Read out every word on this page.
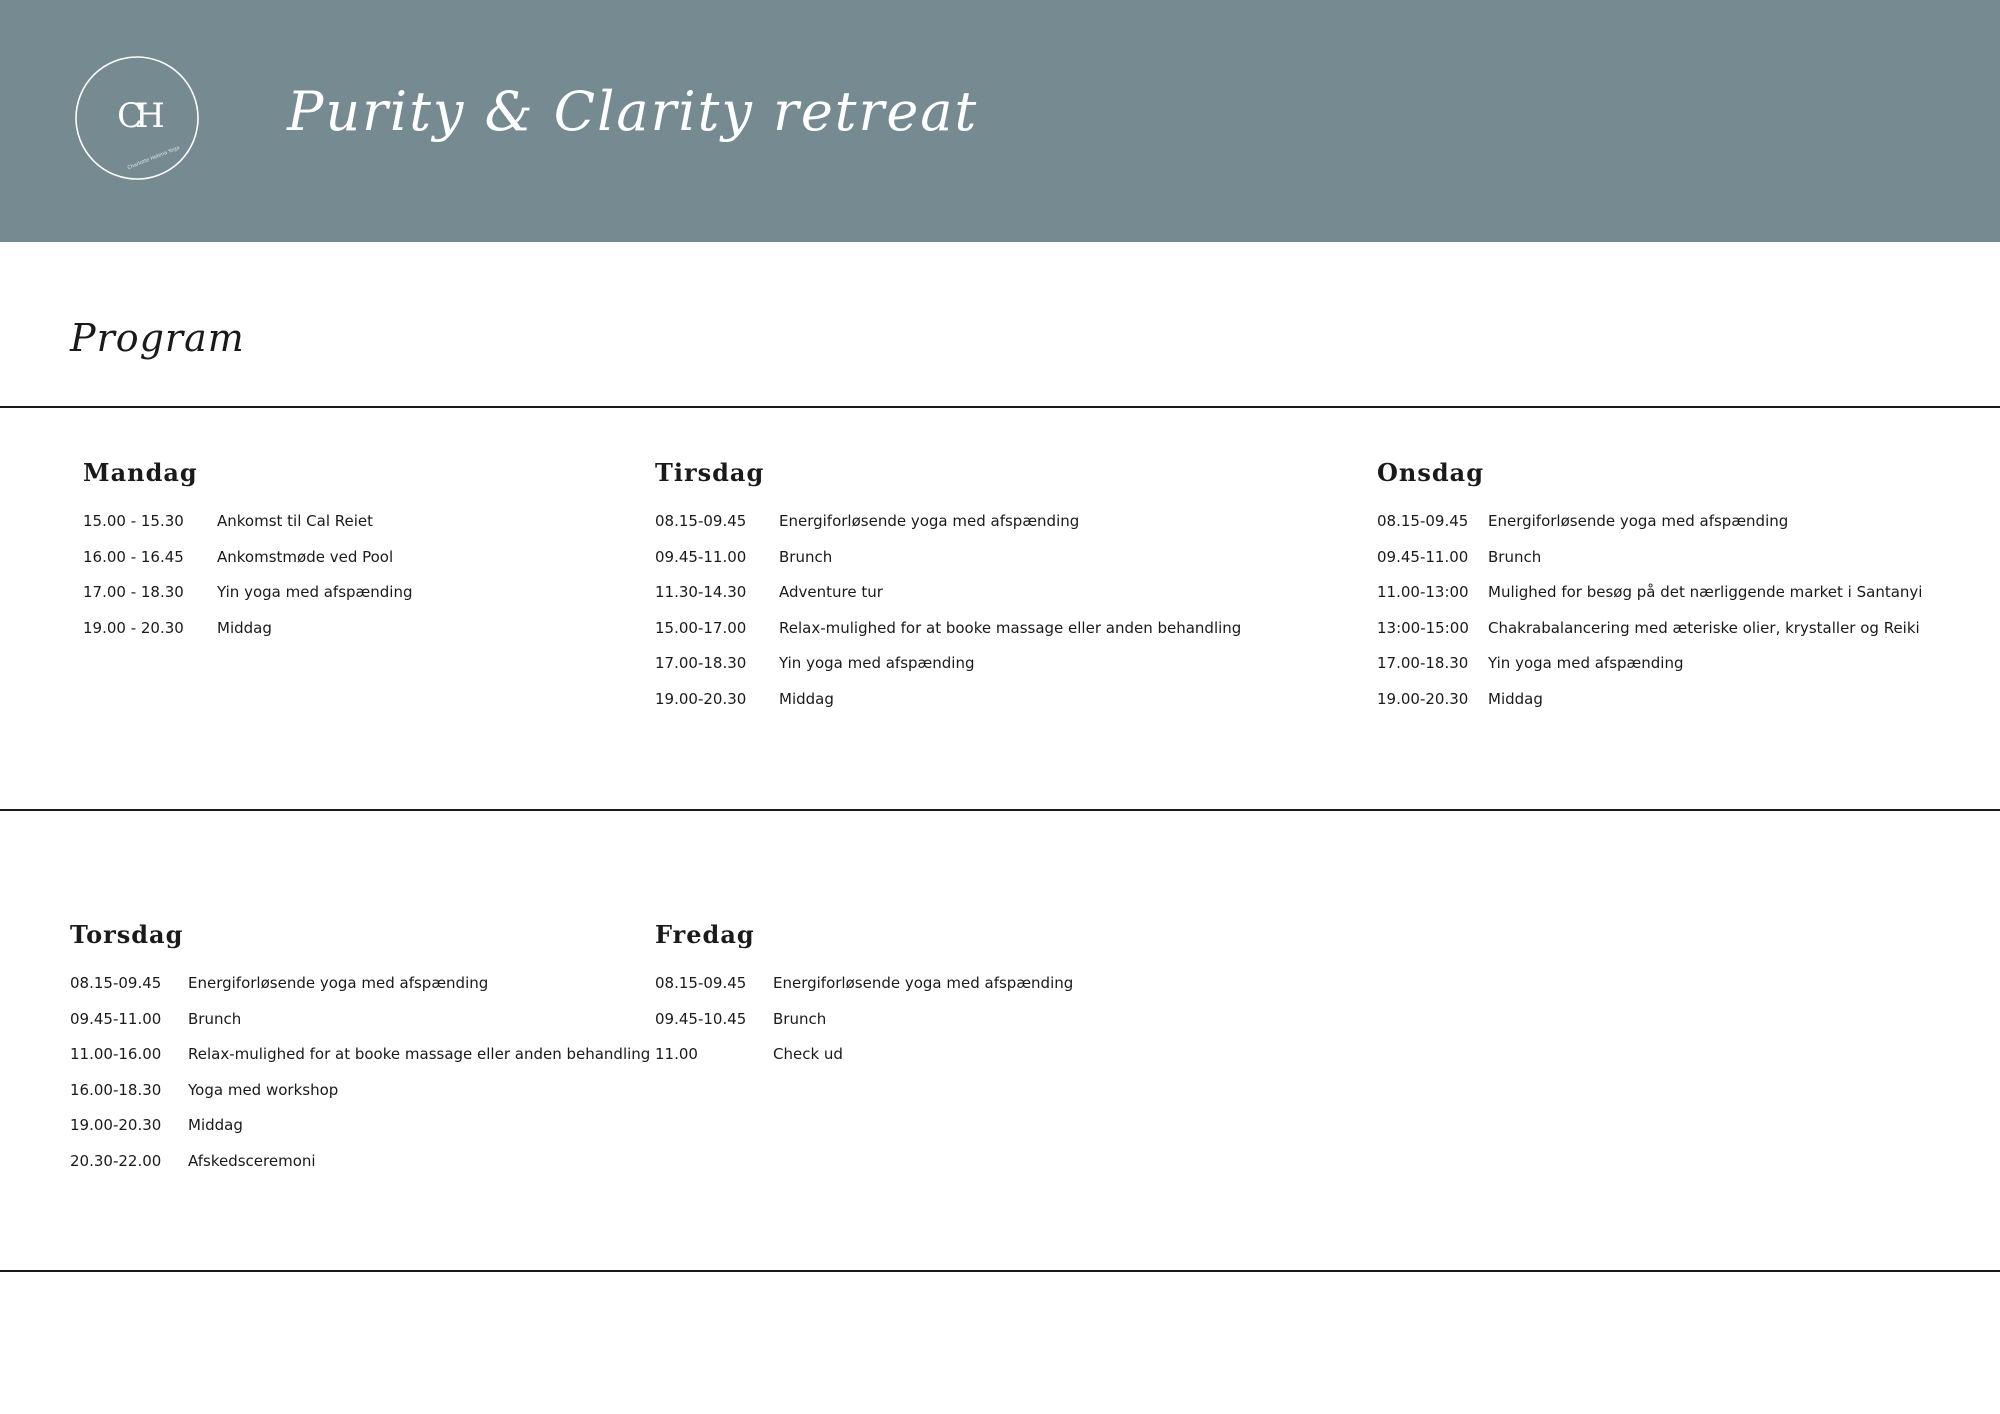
CH
Charlotte Helena Yoga
Purity & Clarity retreat
Program
Mandag
15.00 - 15.30	Ankomst til Cal Reiet
16.00 - 16.45	Ankomstmøde ved Pool
17.00 - 18.30	Yin yoga med afspænding
19.00 - 20.30	Middag
Tirsdag
08.15-09.45	Energiforløsende yoga med afspænding
09.45-11.00	Brunch
11.30-14.30	Adventure tur
15.00-17.00	Relax-mulighed for at booke massage eller anden behandling
17.00-18.30	Yin yoga med afspænding
19.00-20.30	Middag
Onsdag
08.15-09.45	Energiforløsende yoga med afspænding
09.45-11.00	Brunch
11.00-13:00	Mulighed for besøg på det nærliggende market i Santanyi
13:00-15:00	Chakrabalancering med æteriske olier, krystaller og Reiki
17.00-18.30	Yin yoga med afspænding
19.00-20.30	Middag
Torsdag
08.15-09.45	Energiforløsende yoga med afspænding
09.45-11.00	Brunch
11.00-16.00	Relax-mulighed for at booke massage eller anden behandling
16.00-18.30	Yoga med workshop
19.00-20.30	Middag
20.30-22.00	Afskedsceremoni
Fredag
08.15-09.45	Energiforløsende yoga med afspænding
09.45-10.45	Brunch
11.00	Check ud
